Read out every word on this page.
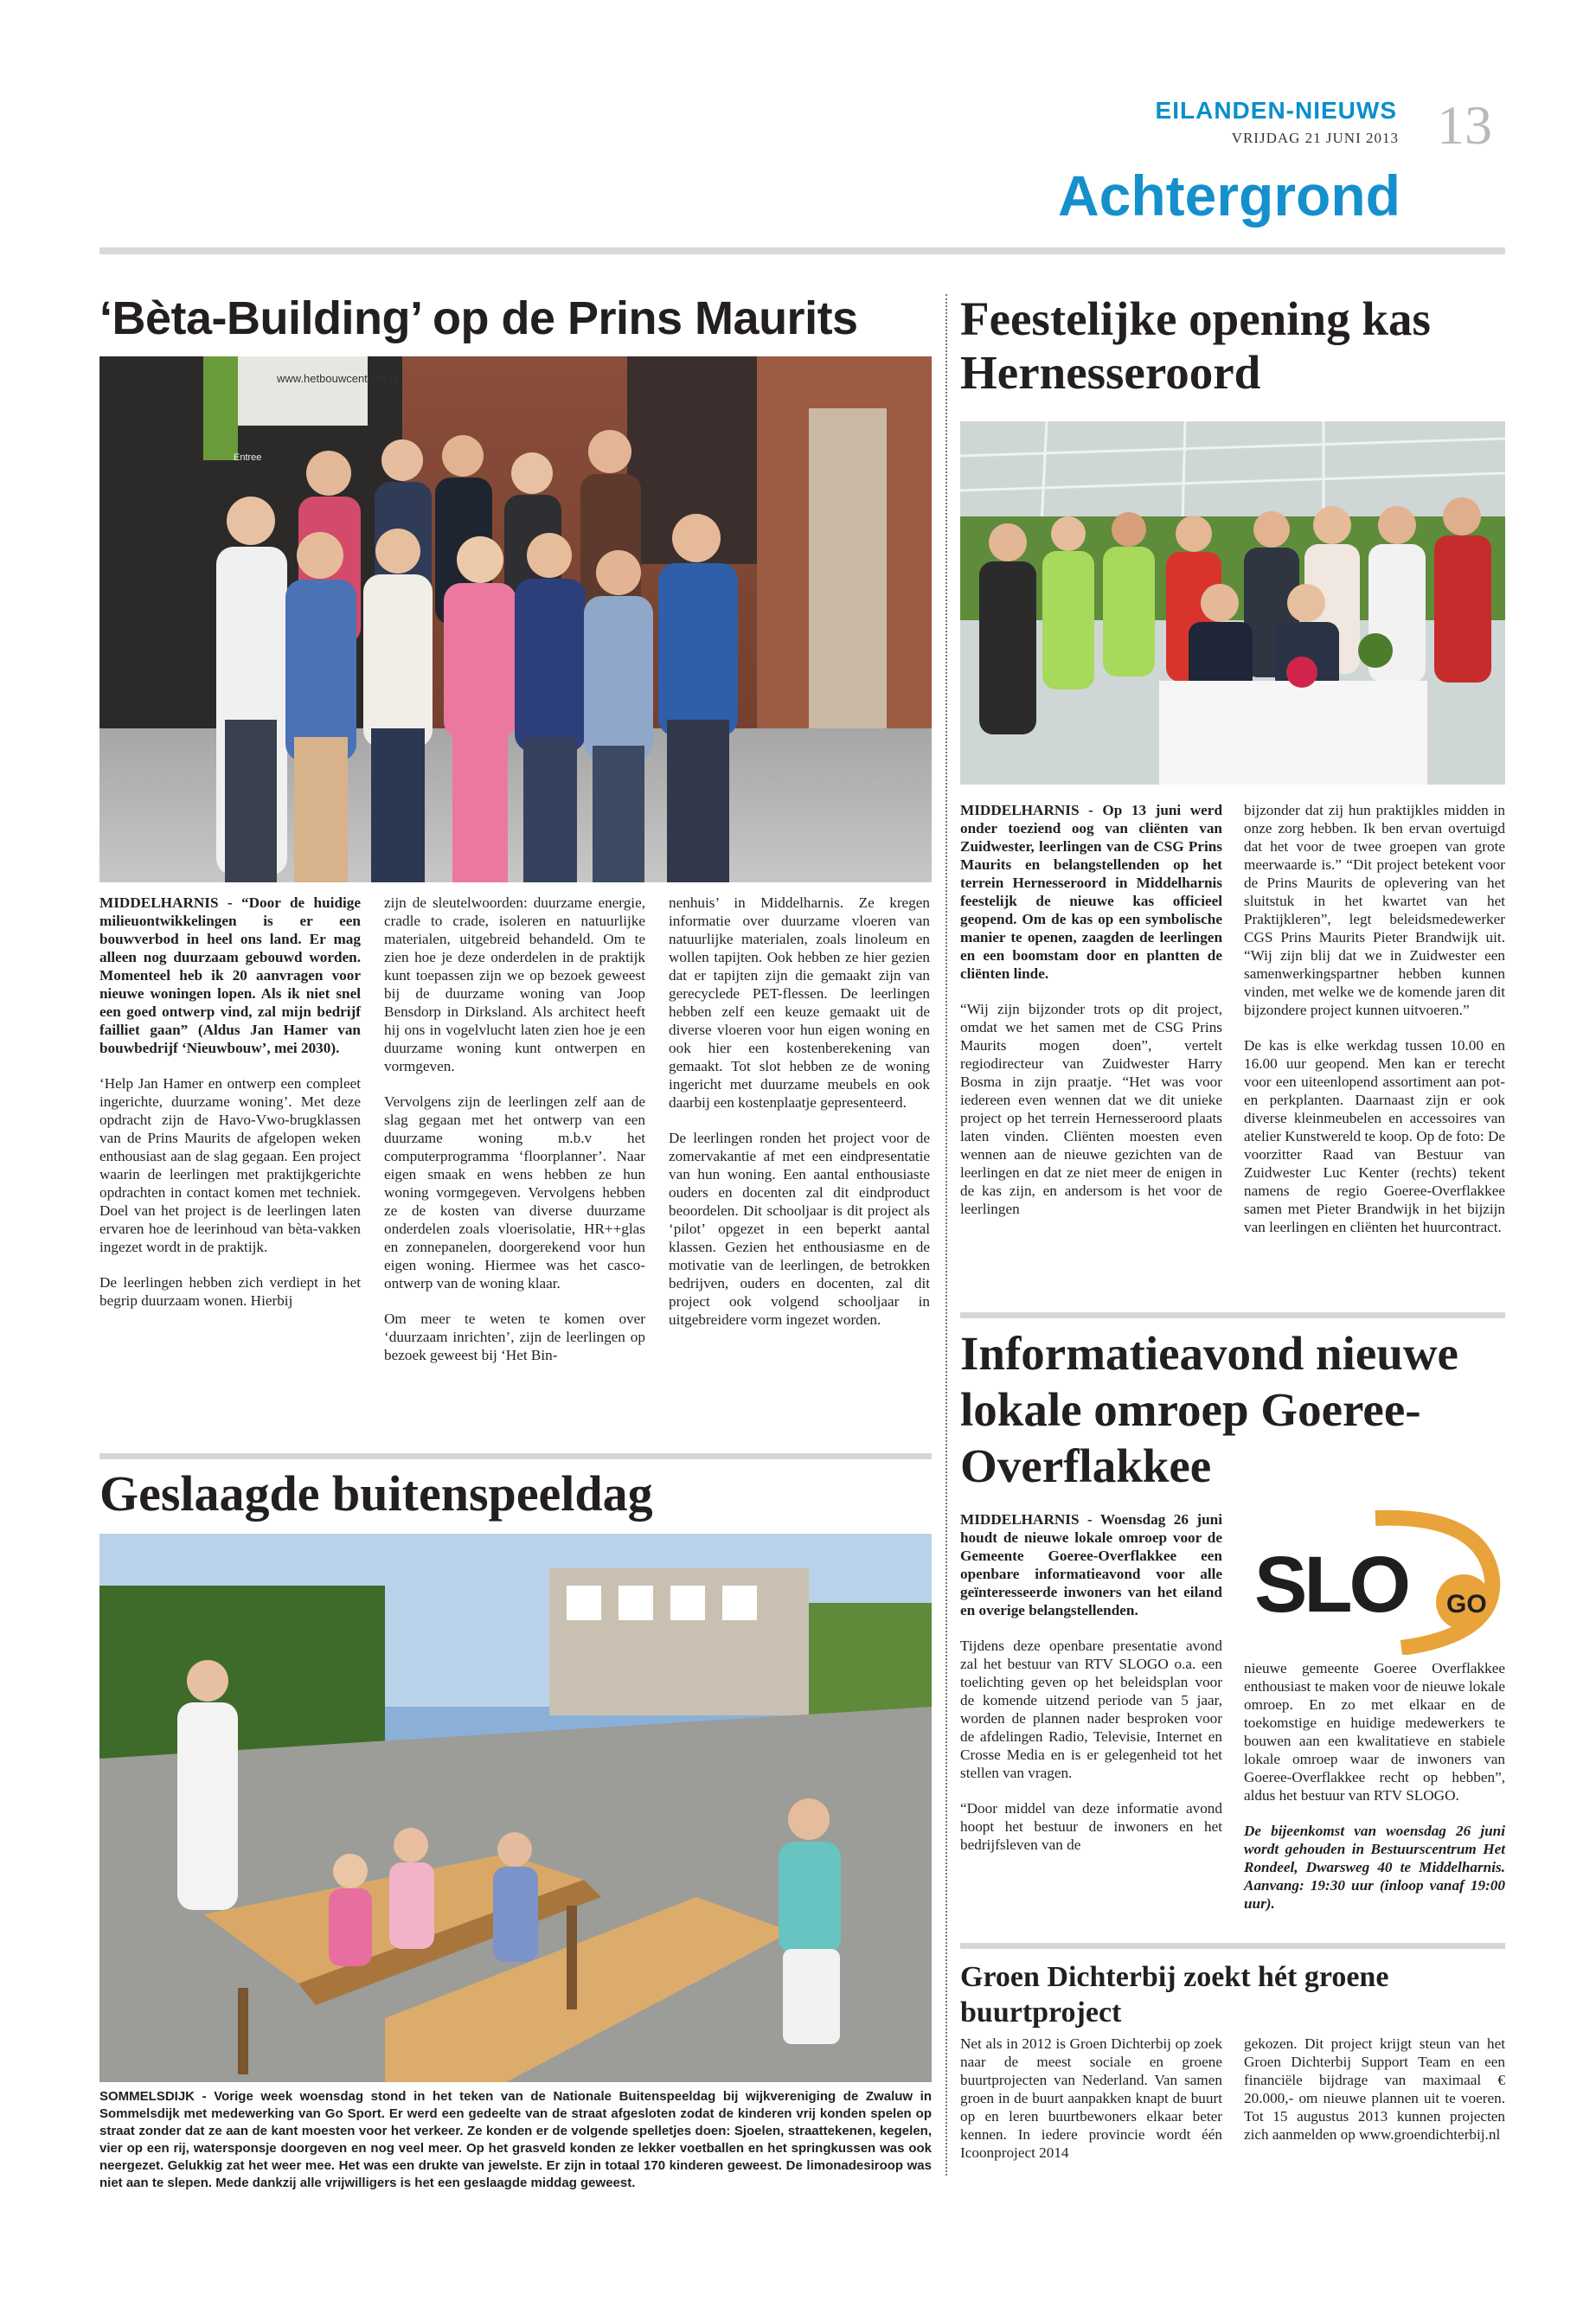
EILANDEN-NIEUWS
VRIJDAG 21 JUNI 2013 13
Achtergrond
‘Bèta-Building’ op de Prins Maurits
www.hetbouwcentrum.nl
Entree

MIDDELHARNIS - “Door de huidige milieuontwikkelingen is er een bouwverbod in heel ons land. Er mag alleen nog duurzaam gebouwd worden. Momenteel heb ik 20 aanvragen voor nieuwe woningen lopen. Als ik niet snel een goed ontwerp vind, zal mijn bedrijf failliet gaan” (Aldus Jan Hamer van bouwbedrijf ‘Nieuwbouw’, mei 2030).

‘Help Jan Hamer en ontwerp een compleet ingerichte, duurzame woning’. Met deze opdracht zijn de Havo-Vwo-brugklassen van de Prins Maurits de afgelopen weken enthousiast aan de slag gegaan. Een project waarin de leerlingen met praktijkgerichte opdrachten in contact komen met techniek. Doel van het project is de leerlingen laten ervaren hoe de leerinhoud van bèta-vakken ingezet wordt in de praktijk.

De leerlingen hebben zich verdiept in het begrip duurzaam wonen. Hierbij

zijn de sleutelwoorden: duurzame energie, cradle to crade, isoleren en natuurlijke materialen, uitgebreid behandeld. Om te zien hoe je deze onderdelen in de praktijk kunt toepassen zijn we op bezoek geweest bij de duurzame woning van Joop Bensdorp in Dirksland. Als architect heeft hij ons in vogelvlucht laten zien hoe je een duurzame woning kunt ontwerpen en vormgeven.

Vervolgens zijn de leerlingen zelf aan de slag gegaan met het ontwerp van een duurzame woning m.b.v het computerprogramma ‘floorplanner’. Naar eigen smaak en wens hebben ze hun woning vormgegeven. Vervolgens hebben ze de kosten van diverse duurzame onderdelen zoals vloerisolatie, HR++glas en zonnepanelen, doorgerekend voor hun eigen woning. Hiermee was het casco-ontwerp van de woning klaar.

Om meer te weten te komen over ‘duurzaam inrichten’, zijn de leerlingen op bezoek geweest bij ‘Het Bin-

nenhuis’ in Middelharnis. Ze kregen informatie over duurzame vloeren van natuurlijke materialen, zoals linoleum en wollen tapijten. Ook hebben ze hier gezien dat er tapijten zijn die gemaakt zijn van gerecyclede PET-flessen. De leerlingen hebben zelf een keuze gemaakt uit de diverse vloeren voor hun eigen woning en ook hier een kostenberekening van gemaakt. Tot slot hebben ze de woning ingericht met duurzame meubels en ook daarbij een kostenplaatje gepresenteerd.

De leerlingen ronden het project voor de zomervakantie af met een eindpresentatie van hun woning. Een aantal enthousiaste ouders en docenten zal dit eindproduct beoordelen. Dit schooljaar is dit project als ‘pilot’ opgezet in een beperkt aantal klassen. Gezien het enthousiasme en de motivatie van de leerlingen, de betrokken bedrijven, ouders en docenten, zal dit project ook volgend schooljaar in uitgebreidere vorm ingezet worden.

Geslaagde buitenspeeldag
SOMMELSDIJK - Vorige week woensdag stond in het teken van de Nationale Buitenspeeldag bij wijkvereniging de Zwaluw in Sommelsdijk met medewerking van Go Sport. Er werd een gedeelte van de straat afgesloten zodat de kinderen vrij konden spelen op straat zonder dat ze aan de kant moesten voor het verkeer. Ze konden er de volgende spelletjes doen: Sjoelen, straattekenen, kegelen, vier op een rij, watersponsje doorgeven en nog veel meer. Op het grasveld konden ze lekker voetballen en het springkussen was ook neergezet. Gelukkig zat het weer mee. Het was een drukte van jewelste. Er zijn in totaal 170 kinderen geweest. De limonadesiroop was niet aan te slepen. Mede dankzij alle vrijwilligers is het een geslaagde middag geweest.
Feestelijke opening kas Hernesseroord

MIDDELHARNIS - Op 13 juni werd onder toeziend oog van cliënten van Zuidwester, leerlingen van de CSG Prins Maurits en belangstellenden op het terrein Hernesseroord in Middelharnis feestelijk de nieuwe kas officieel geopend. Om de kas op een symbolische manier te openen, zaagden de leerlingen en een boomstam door en plantten de cliënten linde.

“Wij zijn bijzonder trots op dit project, omdat we het samen met de CSG Prins Maurits mogen doen”, vertelt regiodirecteur van Zuidwester Harry Bosma in zijn praatje. “Het was voor iedereen even wennen dat we dit unieke project op het terrein Hernesseroord plaats laten vinden. Cliënten moesten even wennen aan de nieuwe gezichten van de leerlingen en dat ze niet meer de enigen in de kas zijn, en andersom is het voor de leerlingen

bijzonder dat zij hun praktijkles midden in onze zorg hebben. Ik ben ervan overtuigd dat het voor de twee groepen van grote meerwaarde is.” “Dit project betekent voor de Prins Maurits de oplevering van het sluitstuk in het kwartet van het Praktijkleren”, legt beleidsmedewerker CGS Prins Maurits Pieter Brandwijk uit. “Wij zijn blij dat we in Zuidwester een samenwerkingspartner hebben kunnen vinden, met welke we de komende jaren dit bijzondere project kunnen uitvoeren.”

De kas is elke werkdag tussen 10.00 en 16.00 uur geopend. Men kan er terecht voor een uiteenlopend assortiment aan pot- en perkplanten. Daarnaast zijn er ook diverse kleinmeubelen en accessoires van atelier Kunstwereld te koop. Op de foto: De voorzitter Raad van Bestuur van Zuidwester Luc Kenter (rechts) tekent namens de regio Goeree-Overflakkee samen met Pieter Brandwijk in het bijzijn van leerlingen en cliënten het huurcontract.

Informatieavond nieuwe lokale omroep Goeree-Overflakkee

MIDDELHARNIS - Woensdag 26 juni houdt de nieuwe lokale omroep voor de Gemeente Goeree-Overflakkee een openbare informatieavond voor alle geïnteresseerde inwoners van het eiland en overige belangstellenden.

Tijdens deze openbare presentatie avond zal het bestuur van RTV SLOGO o.a. een toelichting geven op het beleidsplan voor de komende uitzend periode van 5 jaar, worden de plannen nader besproken voor de afdelingen Radio, Televisie, Internet en Crosse Media en is er gelegenheid tot het stellen van vragen.

“Door middel van deze informatie avond hoopt het bestuur de inwoners en het bedrijfsleven van de

SLO GO

nieuwe gemeente Goeree Overflakkee enthousiast te maken voor de nieuwe lokale omroep. En zo met elkaar en de toekomstige en huidige medewerkers te bouwen aan een kwalitatieve en stabiele lokale omroep waar de inwoners van Goeree-Overflakkee recht op hebben”, aldus het bestuur van RTV SLOGO.

De bijeenkomst van woensdag 26 juni wordt gehouden in Bestuurscentrum Het Rondeel, Dwarsweg 40 te Middelharnis. Aanvang: 19:30 uur (inloop vanaf 19:00 uur).

Groen Dichterbij zoekt hét groene buurtproject

Net als in 2012 is Groen Dichterbij op zoek naar de meest sociale en groene buurtprojecten van Nederland. Van samen groen in de buurt aanpakken knapt de buurt op en leren buurtbewoners elkaar beter kennen. In iedere provincie wordt één Icoonproject 2014

gekozen. Dit project krijgt steun van het Groen Dichterbij Support Team en een financiële bijdrage van maximaal € 20.000,- om nieuwe plannen uit te voeren. Tot 15 augustus 2013 kunnen projecten zich aanmelden op www.groendichterbij.nl
